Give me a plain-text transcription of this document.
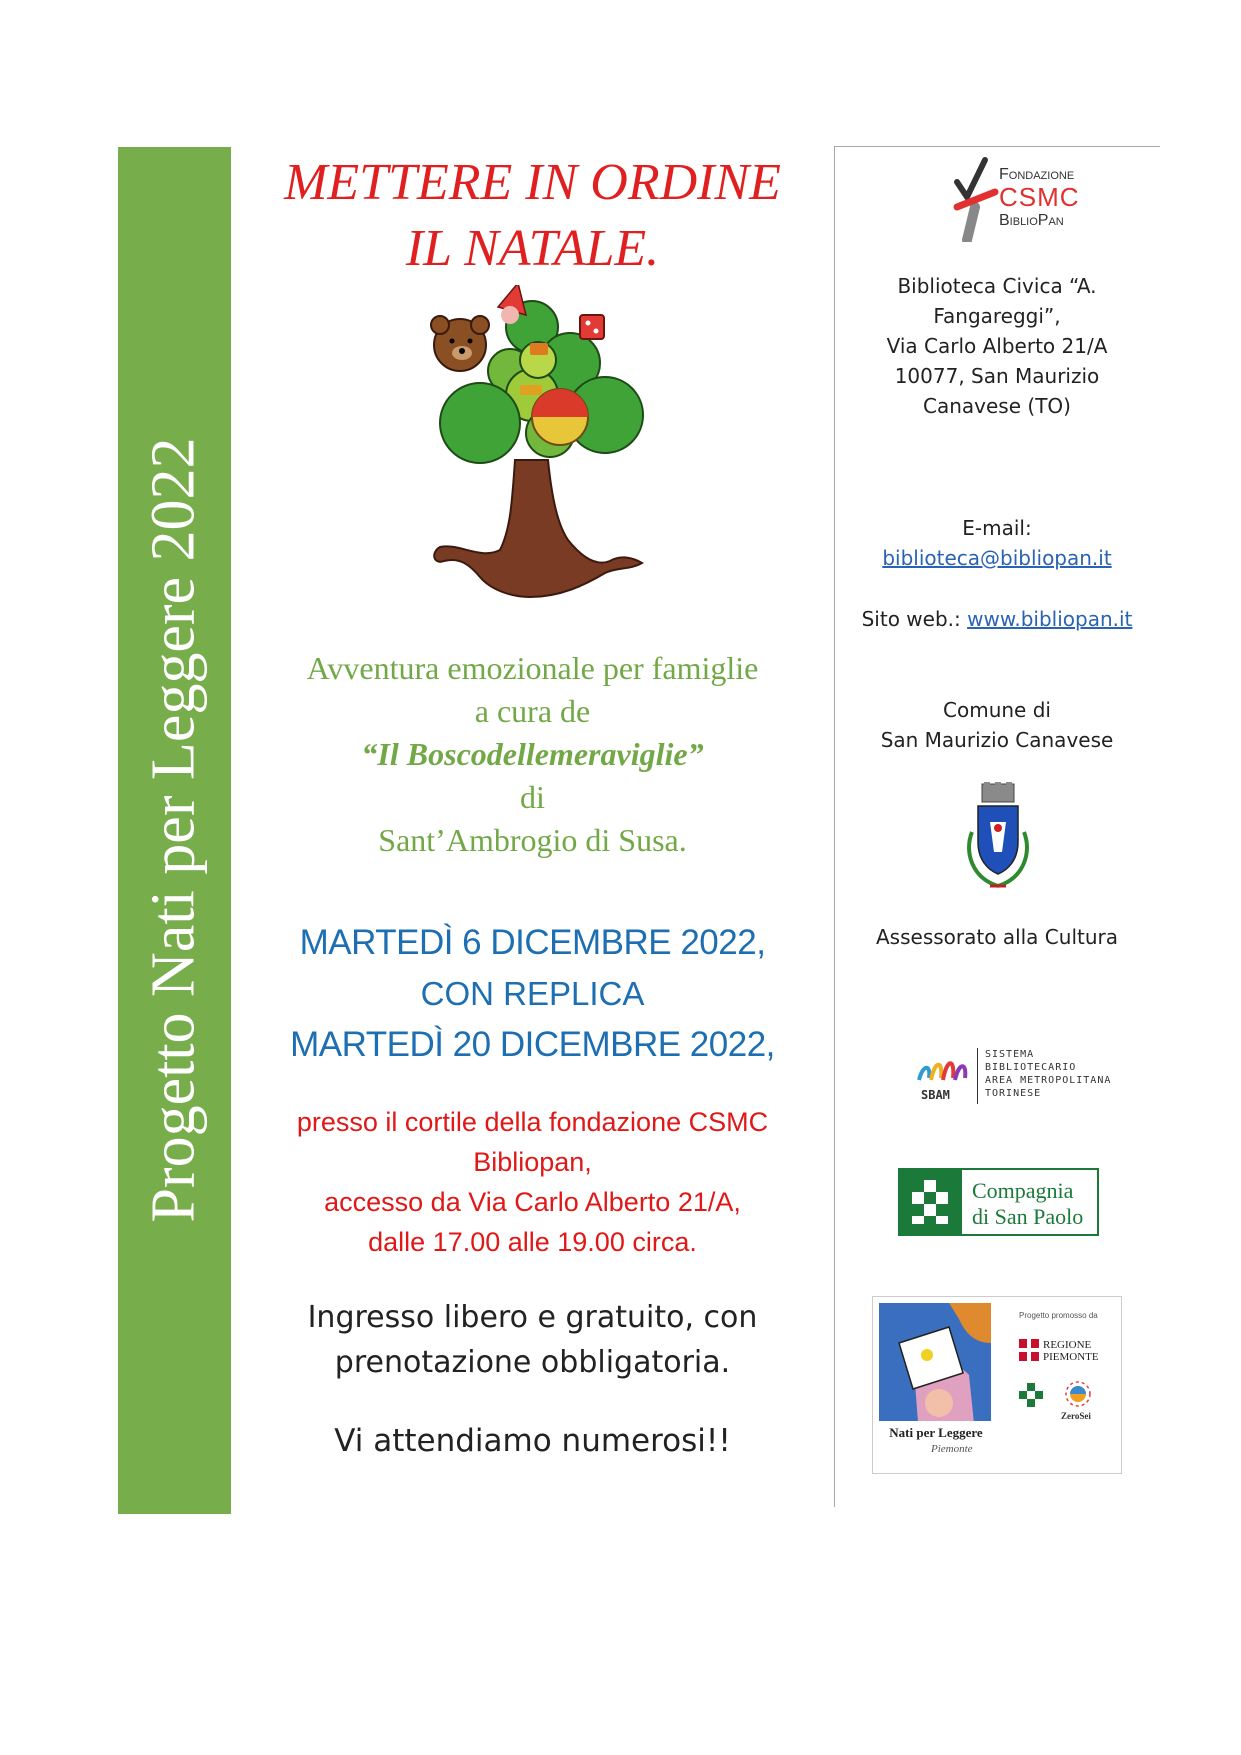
Progetto Nati per Leggere 2022
METTERE IN ORDINE
IL NATALE.
Avventura emozionale per famiglie
a cura de
“Il Boscodellemeraviglie”
di
Sant’Ambrogio di Susa.
MARTEDÌ 6 DICEMBRE 2022,
CON REPLICA
MARTEDÌ 20 DICEMBRE 2022,
presso il cortile della fondazione CSMC
Bibliopan,
accesso da Via Carlo Alberto 21/A,
dalle 17.00 alle 19.00 circa.
Ingresso libero e gratuito, con
prenotazione obbligatoria.
Vi attendiamo numerosi!!
Fondazione
CSMC
BiblioPan
Biblioteca Civica “A.
Fangareggi”,
Via Carlo Alberto 21/A
10077, San Maurizio
Canavese (TO)
E-mail:
biblioteca@bibliopan.it
Sito web.: www.bibliopan.it
Comune di
San Maurizio Canavese
Assessorato alla Cultura
SBAM
SISTEMA
BIBLIOTECARIO
AREA METROPOLITANA
TORINESE
Compagnia
di San Paolo
Nati per Leggere
Piemonte
Progetto promosso da
REGIONE
PIEMONTE
ZeroSei
